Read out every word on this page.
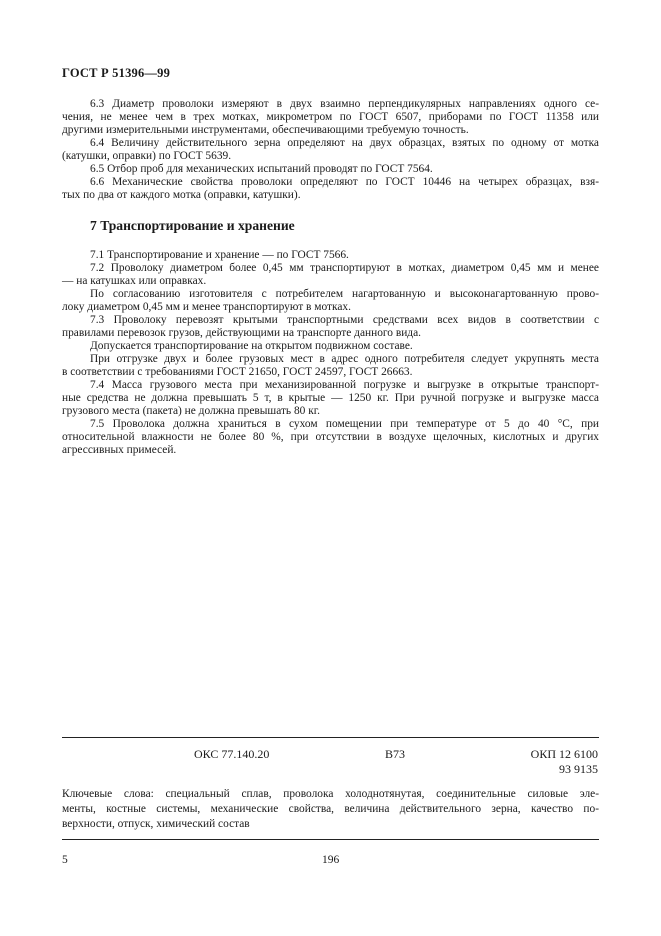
ГОСТ Р 51396—99
6.3 Диаметр проволоки измеряют в двух взаимно перпендикулярных направлениях одного се-
чения, не менее чем в трех мотках, микрометром по ГОСТ 6507, приборами по ГОСТ 11358 или
другими измерительными инструментами, обеспечивающими требуемую точность.
6.4 Величину действительного зерна определяют на двух образцах, взятых по одному от мотка
(катушки, оправки) по ГОСТ 5639.
6.5 Отбор проб для механических испытаний проводят по ГОСТ 7564.
6.6 Механические свойства проволоки определяют по ГОСТ 10446 на четырех образцах, взя-
тых по два от каждого мотка (оправки, катушки).
7 Транспортирование и хранение
7.1 Транспортирование и хранение — по ГОСТ 7566.
7.2 Проволоку диаметром более 0,45 мм транспортируют в мотках, диаметром 0,45 мм и менее
— на катушках или оправках.
По согласованию изготовителя с потребителем нагартованную и высоконагартованную прово-
локу диаметром 0,45 мм и менее транспортируют в мотках.
7.3 Проволоку перевозят крытыми транспортными средствами всех видов в соответствии с
правилами перевозок грузов, действующими на транспорте данного вида.
Допускается транспортирование на открытом подвижном составе.
При отгрузке двух и более грузовых мест в адрес одного потребителя следует укрупнять места
в соответствии с требованиями ГОСТ 21650, ГОСТ 24597, ГОСТ 26663.
7.4 Масса грузового места при механизированной погрузке и выгрузке в открытые транспорт-
ные средства не должна превышать 5 т, в крытые — 1250 кг. При ручной погрузке и выгрузке масса
грузового места (пакета) не должна превышать 80 кг.
7.5 Проволока должна храниться в сухом помещении при температуре от 5 до 40 °С, при
относительной влажности не более 80 %, при отсутствии в воздухе щелочных, кислотных и других
агрессивных примесей.
ОКС 77.140.20	В73	ОКП 12 6100
93 9135
Ключевые слова: специальный сплав, проволока холоднотянутая, соединительные силовые эле-
менты, костные системы, механические свойства, величина действительного зерна, качество по-
верхности, отпуск, химический состав
5	196
